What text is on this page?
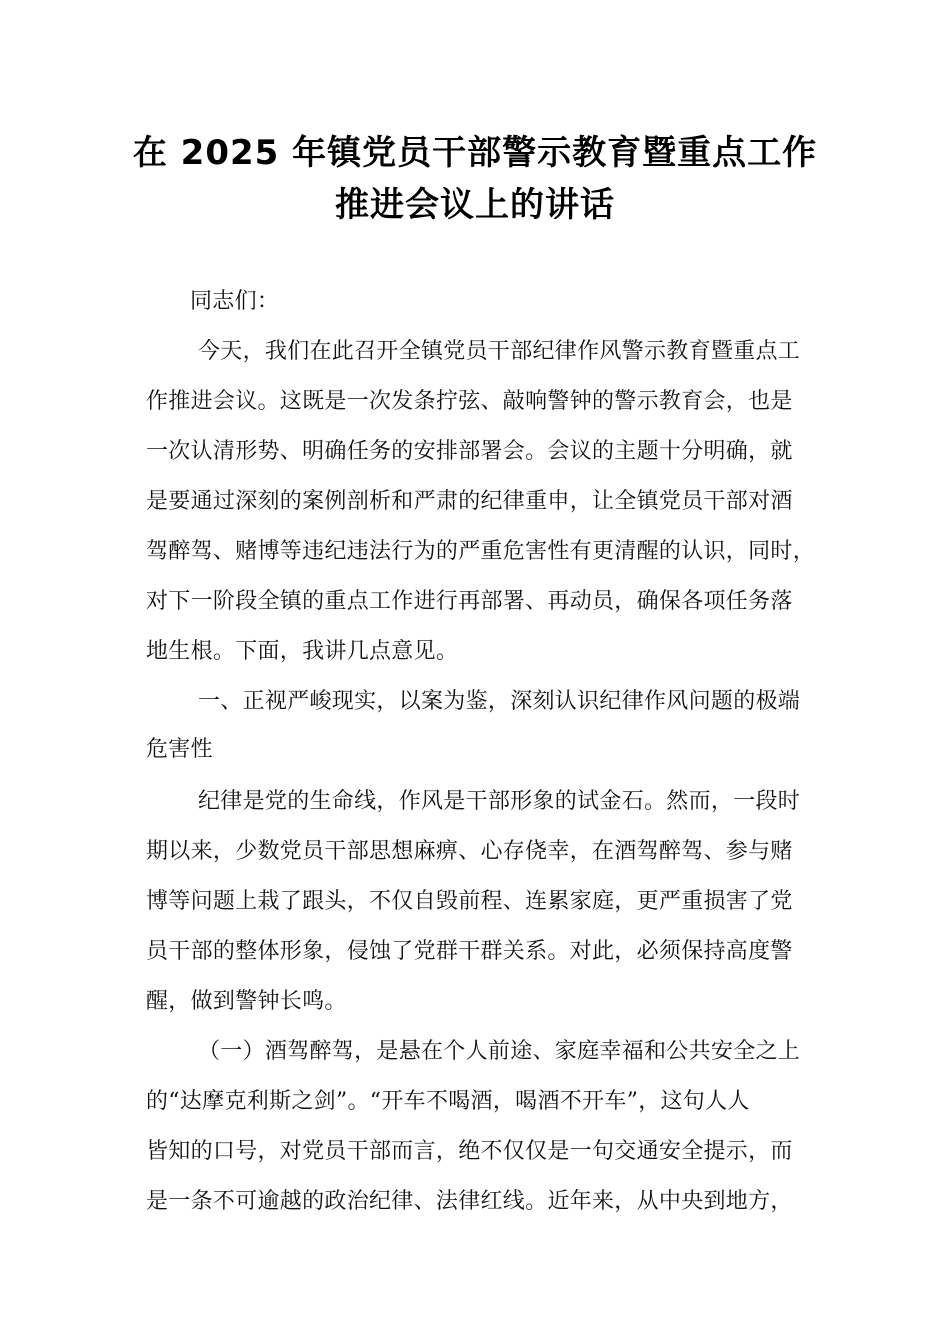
在 2025 年镇党员干部警示教育暨重点工作
推进会议上的讲话
同志们：
今天，我们在此召开全镇党员干部纪律作风警示教育暨重点工
作推进会议。这既是一次发条拧弦、敲响警钟的警示教育会，也是
一次认清形势、明确任务的安排部署会。会议的主题十分明确，就
是要通过深刻的案例剖析和严肃的纪律重申，让全镇党员干部对酒
驾醉驾、赌博等违纪违法行为的严重危害性有更清醒的认识，同时，
对下一阶段全镇的重点工作进行再部署、再动员，确保各项任务落
地生根。下面，我讲几点意见。
一、正视严峻现实，以案为鉴，深刻认识纪律作风问题的极端
危害性
纪律是党的生命线，作风是干部形象的试金石。然而，一段时
期以来，少数党员干部思想麻痹、心存侥幸，在酒驾醉驾、参与赌
博等问题上栽了跟头，不仅自毁前程、连累家庭，更严重损害了党
员干部的整体形象，侵蚀了党群干群关系。对此，必须保持高度警
醒，做到警钟长鸣。
（一）酒驾醉驾，是悬在个人前途、家庭幸福和公共安全之上
的“达摩克利斯之剑”。“开车不喝酒，喝酒不开车”，这句人人
皆知的口号，对党员干部而言，绝不仅仅是一句交通安全提示，而
是一条不可逾越的政治纪律、法律红线。近年来，从中央到地方，
